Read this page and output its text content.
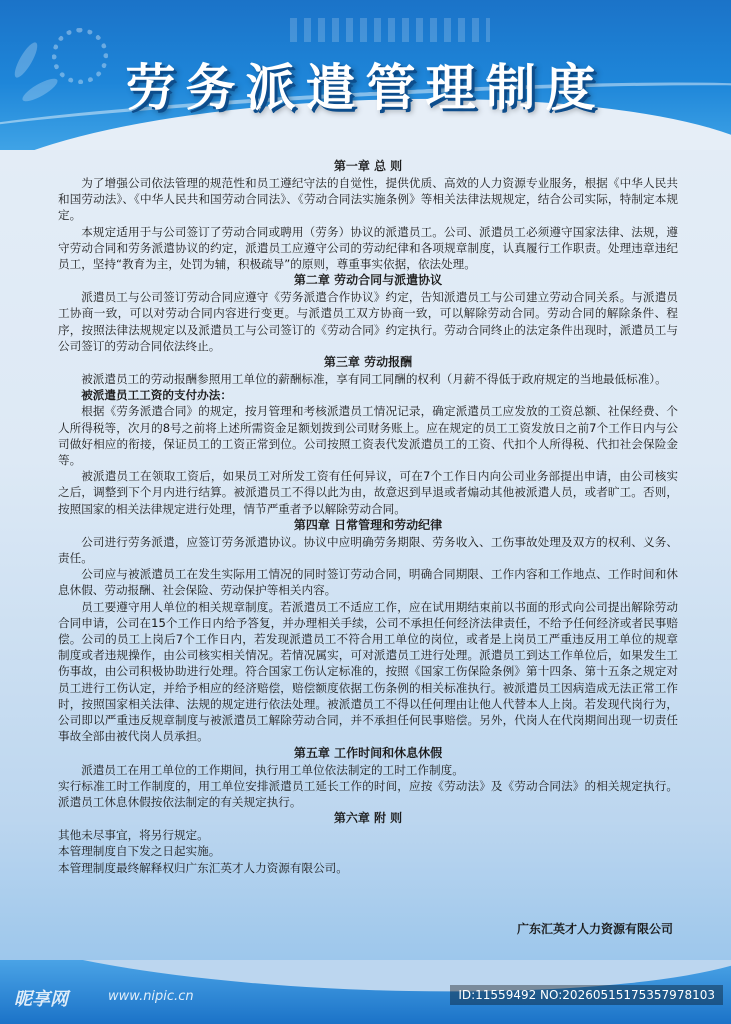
劳务派遣管理制度
第一章 总 则

为了增强公司依法管理的规范性和员工遵纪守法的自觉性，提供优质、高效的人力资源专业服务，根据《中华人民共和国劳动法》、《中华人民共和国劳动合同法》、《劳动合同法实施条例》等相关法律法规规定，结合公司实际，特制定本规定。

本规定适用于与公司签订了劳动合同或聘用（劳务）协议的派遣员工。公司、派遣员工必须遵守国家法律、法规，遵守劳动合同和劳务派遣协议的约定，派遣员工应遵守公司的劳动纪律和各项规章制度，认真履行工作职责。处理违章违纪员工，坚持“教育为主，处罚为辅，积极疏导”的原则，尊重事实依据，依法处理。

第二章 劳动合同与派遣协议

派遣员工与公司签订劳动合同应遵守《劳务派遣合作协议》约定，告知派遣员工与公司建立劳动合同关系。与派遣员工协商一致，可以对劳动合同内容进行变更。与派遣员工双方协商一致，可以解除劳动合同。劳动合同的解除条件、程序，按照法律法规规定以及派遣员工与公司签订的《劳动合同》约定执行。劳动合同终止的法定条件出现时，派遣员工与公司签订的劳动合同依法终止。

第三章 劳动报酬

被派遣员工的劳动报酬参照用工单位的薪酬标准，享有同工同酬的权利（月薪不得低于政府规定的当地最低标准）。

被派遣员工工资的支付办法：

根据《劳务派遣合同》的规定，按月管理和考核派遣员工情况记录，确定派遣员工应发放的工资总额、社保经费、个人所得税等，次月的8号之前将上述所需资金足额划拨到公司财务账上。应在规定的员工工资发放日之前7个工作日内与公司做好相应的衔接，保证员工的工资正常到位。公司按照工资表代发派遣员工的工资、代扣个人所得税、代扣社会保险金等。

被派遣员工在领取工资后，如果员工对所发工资有任何异议，可在7个工作日内向公司业务部提出申请，由公司核实之后，调整到下个月内进行结算。被派遣员工不得以此为由，故意迟到早退或者煽动其他被派遣人员，或者旷工。否则，按照国家的相关法律规定进行处理，情节严重者予以解除劳动合同。

第四章 日常管理和劳动纪律

公司进行劳务派遣，应签订劳务派遣协议。协议中应明确劳务期限、劳务收入、工伤事故处理及双方的权利、义务、责任。

公司应与被派遣员工在发生实际用工情况的同时签订劳动合同，明确合同期限、工作内容和工作地点、工作时间和休息休假、劳动报酬、社会保险、劳动保护等相关内容。

员工要遵守用人单位的相关规章制度。若派遣员工不适应工作，应在试用期结束前以书面的形式向公司提出解除劳动合同申请，公司在15个工作日内给予答复，并办理相关手续，公司不承担任何经济法律责任，不给予任何经济或者民事赔偿。公司的员工上岗后7个工作日内，若发现派遣员工不符合用工单位的岗位，或者是上岗员工严重违反用工单位的规章制度或者违规操作，由公司核实相关情况。若情况属实，可对派遣员工进行处理。派遣员工到达工作单位后，如果发生工伤事故，由公司积极协助进行处理。符合国家工伤认定标准的，按照《国家工伤保险条例》第十四条、第十五条之规定对员工进行工伤认定，并给予相应的经济赔偿，赔偿额度依据工伤条例的相关标准执行。被派遣员工因病造成无法正常工作时，按照国家相关法律、法规的规定进行依法处理。被派遣员工不得以任何理由让他人代替本人上岗。若发现代岗行为，公司即以严重违反规章制度与被派遣员工解除劳动合同，并不承担任何民事赔偿。另外，代岗人在代岗期间出现一切责任事故全部由被代岗人员承担。

第五章 工作时间和休息休假

派遣员工在用工单位的工作期间，执行用工单位依法制定的工时工作制度。

实行标准工时工作制度的，用工单位安排派遣员工延长工作的时间，应按《劳动法》及《劳动合同法》的相关规定执行。派遣员工休息休假按依法制定的有关规定执行。

第六章 附 则

其他未尽事宜，将另行规定。

本管理制度自下发之日起实施。

本管理制度最终解释权归广东汇英才人力资源有限公司。

广东汇英才人力资源有限公司
昵享网	www.nipic.cn	ID:11559492 NO:20260515175357978103
